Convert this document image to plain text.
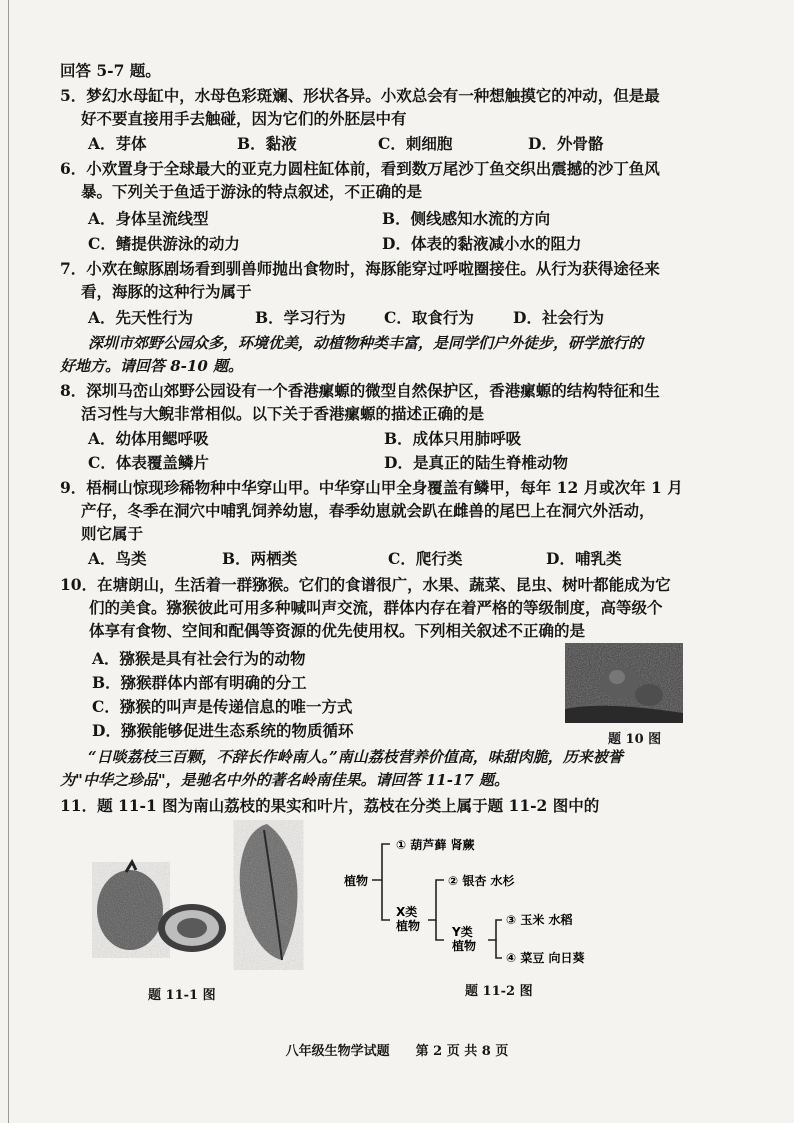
回答 5-7 题。
5．梦幻水母缸中，水母色彩斑斓、形状各异。小欢总会有一种想触摸它的冲动，但是最
好不要直接用手去触碰，因为它们的外胚层中有
A．芽体	B．黏液	C．刺细胞	D．外骨骼
6．小欢置身于全球最大的亚克力圆柱缸体前，看到数万尾沙丁鱼交织出震撼的沙丁鱼风
暴。下列关于鱼适于游泳的特点叙述，不正确的是
A．身体呈流线型	B．侧线感知水流的方向
C．鳍提供游泳的动力	D．体表的黏液减小水的阻力
7．小欢在鲸豚剧场看到驯兽师抛出食物时，海豚能穿过呼啦圈接住。从行为获得途径来
看，海豚的这种行为属于
A．先天性行为	B．学习行为 C．取食行为	D．社会行为
深圳市郊野公园众多，环境优美，动植物种类丰富，是同学们户外徒步，研学旅行的
好地方。请回答 8-10 题。
8．深圳马峦山郊野公园设有一个香港瘰螈的微型自然保护区，香港瘰螈的结构特征和生
活习性与大鲵非常相似。以下关于香港瘰螈的描述正确的是
A．幼体用鳃呼吸	B．成体只用肺呼吸
C．体表覆盖鳞片	D．是真正的陆生脊椎动物
9．梧桐山惊现珍稀物种中华穿山甲。中华穿山甲全身覆盖有鳞甲，每年 12 月或次年 1 月
产仔，冬季在洞穴中哺乳饲养幼崽，春季幼崽就会趴在雌兽的尾巴上在洞穴外活动，
则它属于
A．鸟类	B．两栖类	C．爬行类	D．哺乳类
10．在塘朗山，生活着一群猕猴。它们的食谱很广，水果、蔬菜、昆虫、树叶都能成为它
们的美食。猕猴彼此可用多种喊叫声交流，群体内存在着严格的等级制度，高等级个
体享有食物、空间和配偶等资源的优先使用权。下列相关叙述不正确的是
A．猕猴是具有社会行为的动物
B．猕猴群体内部有明确的分工
C．猕猴的叫声是传递信息的唯一方式
D．猕猴能够促进生态系统的物质循环	题 10 图
“日啖荔枝三百颗，不辞长作岭南人。”南山荔枝营养价值高，味甜肉脆，历来被誉
为"中华之珍品"，是驰名中外的著名岭南佳果。请回答 11-17 题。
11．题 11-1 图为南山荔枝的果实和叶片，荔枝在分类上属于题 11-2 图中的
题 11-1 图
植物
① 葫芦藓 肾蕨
X类
植物
② 银杏 水杉
Y类
植物
③ 玉米 水稻
④ 菜豆 向日葵
题 11-2 图
八年级生物学试题　　第 2 页 共 8 页
